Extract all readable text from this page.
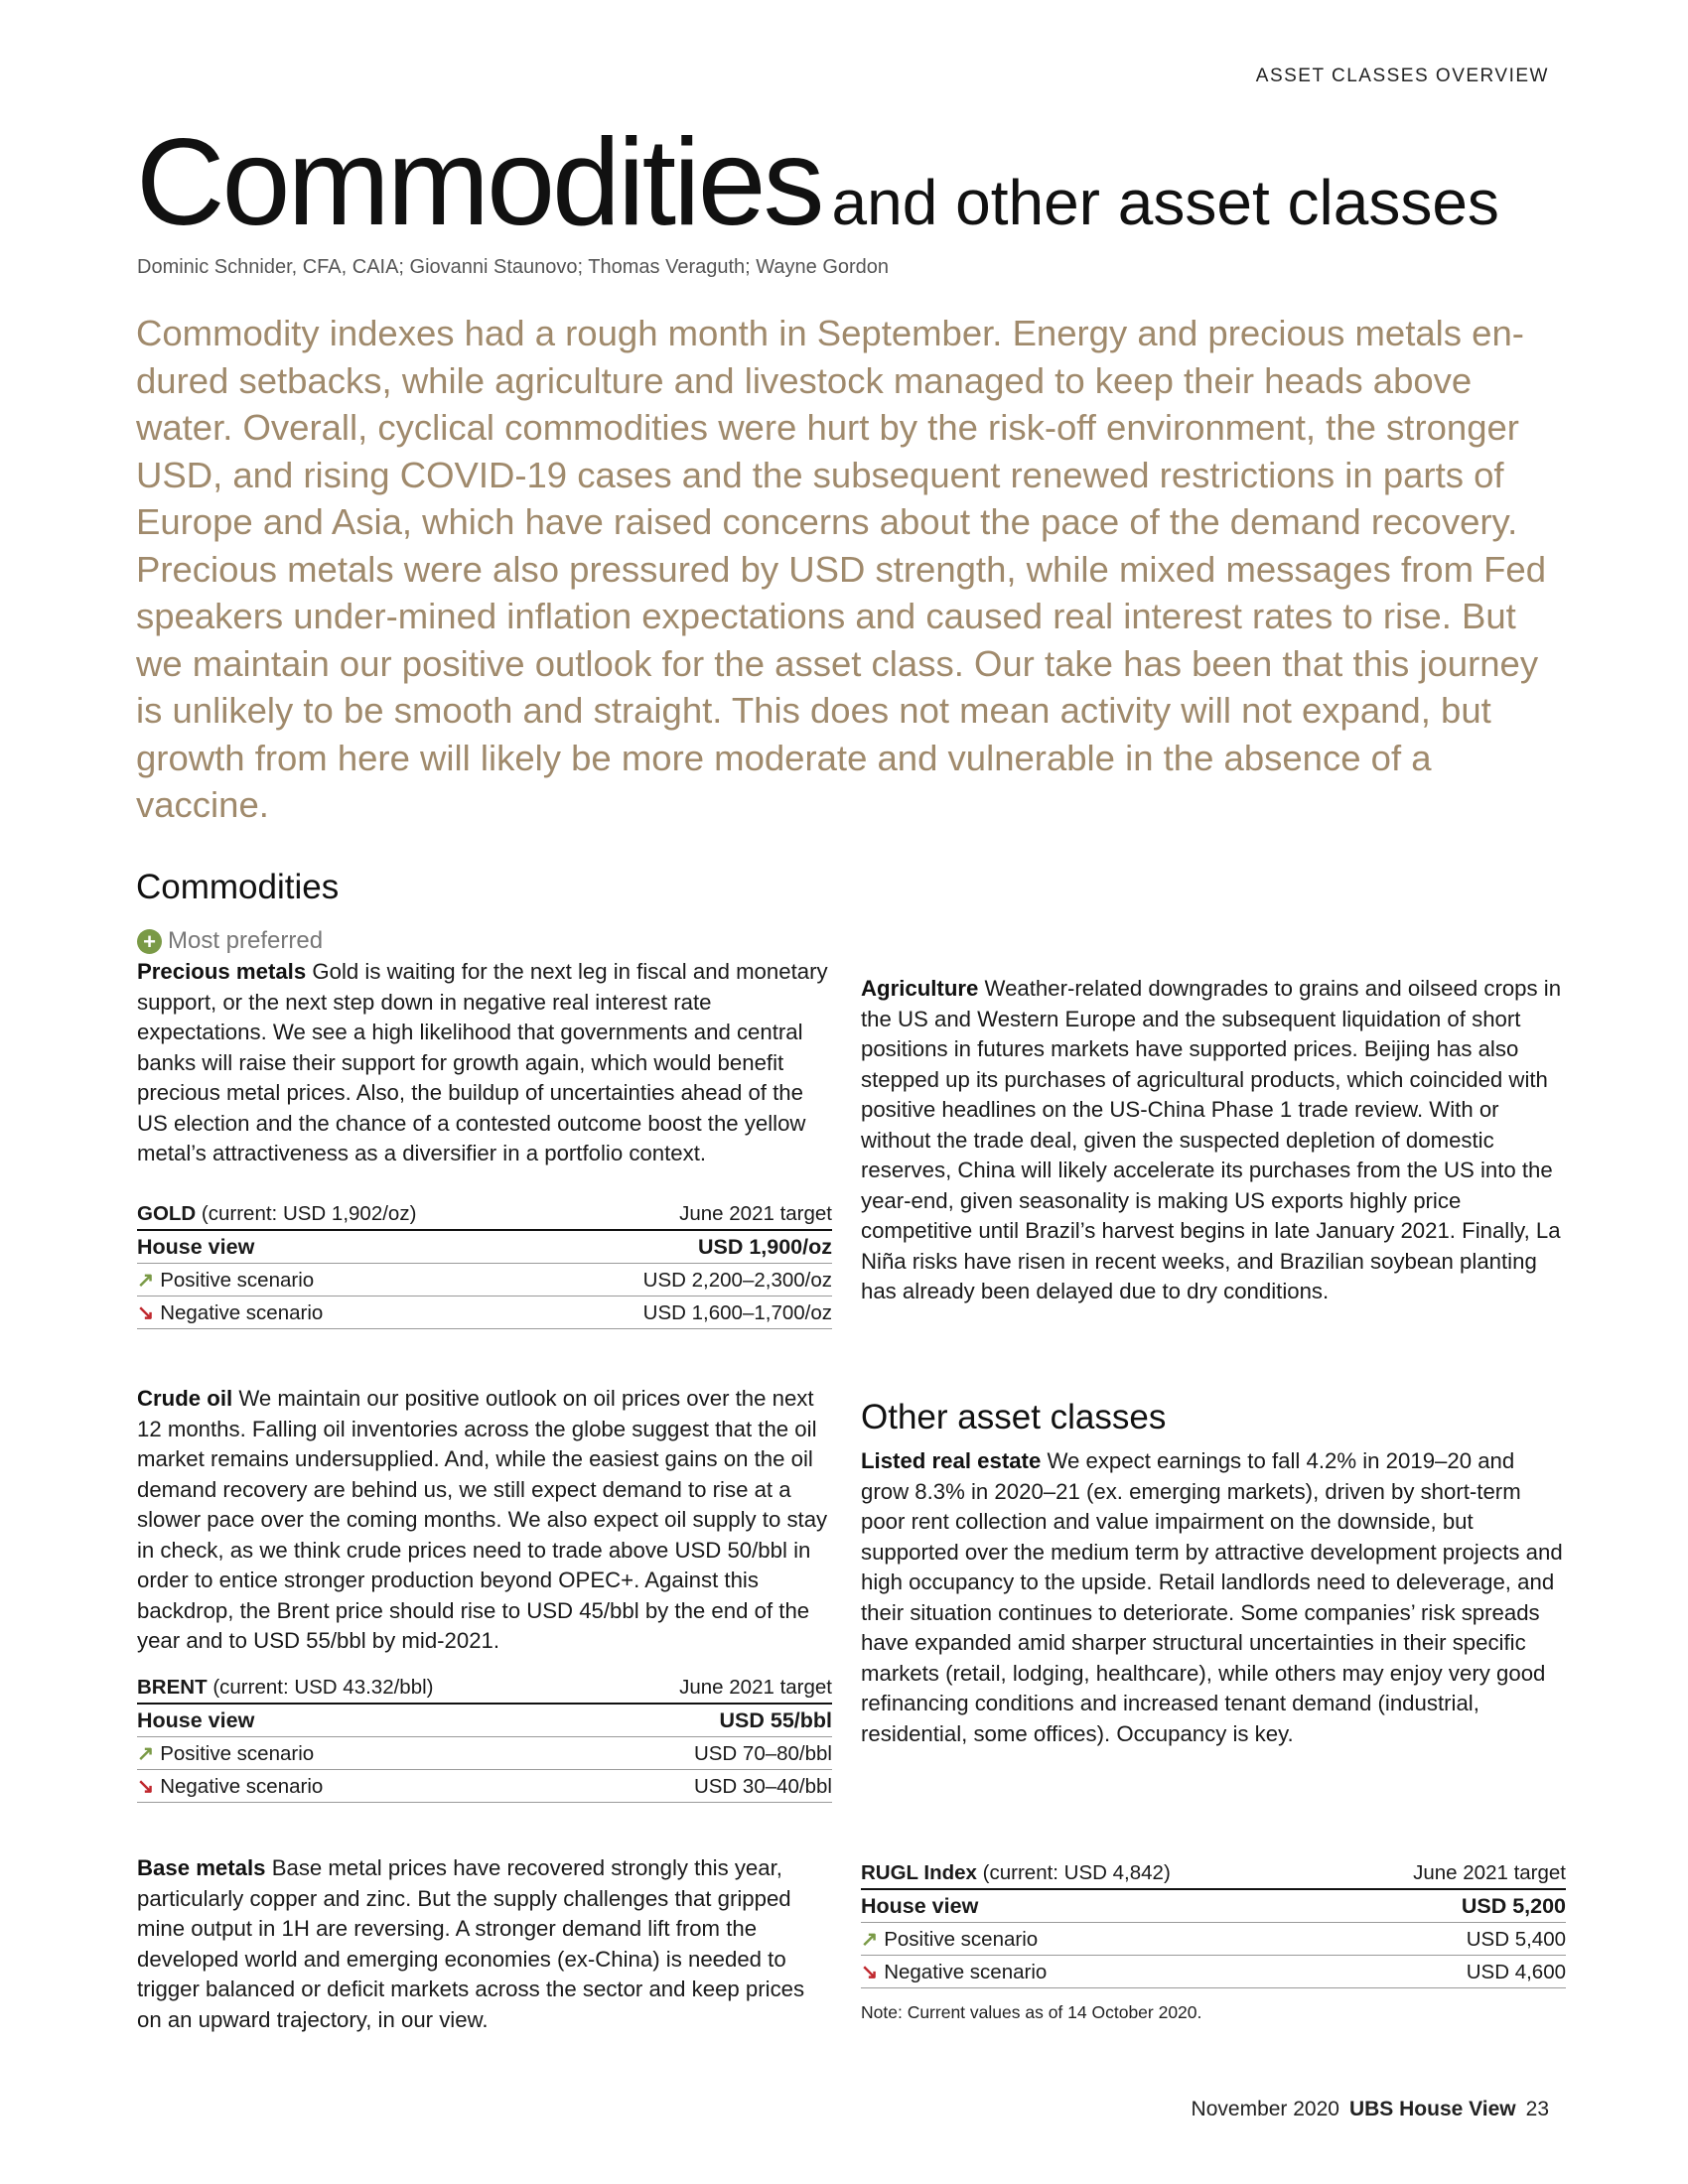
ASSET CLASSES OVERVIEW
Commodities and other asset classes
Dominic Schnider, CFA, CAIA; Giovanni Staunovo; Thomas Veraguth; Wayne Gordon
Commodity indexes had a rough month in September. Energy and precious metals en-dured setbacks, while agriculture and livestock managed to keep their heads above water. Overall, cyclical commodities were hurt by the risk-off environment, the stronger USD, and rising COVID-19 cases and the subsequent renewed restrictions in parts of Europe and Asia, which have raised concerns about the pace of the demand recovery. Precious metals were also pressured by USD strength, while mixed messages from Fed speakers under-mined inflation expectations and caused real interest rates to rise. But we maintain our positive outlook for the asset class. Our take has been that this journey is unlikely to be smooth and straight. This does not mean activity will not expand, but growth from here will likely be more moderate and vulnerable in the absence of a vaccine.
Commodities
+ Most preferred
Precious metals Gold is waiting for the next leg in fiscal and monetary support, or the next step down in negative real interest rate expectations. We see a high likelihood that governments and central banks will raise their support for growth again, which would benefit precious metal prices. Also, the buildup of uncertainties ahead of the US election and the chance of a contested outcome boost the yellow metal’s attractiveness as a diversifier in a portfolio context.
GOLD (current: USD 1,902/oz)	June 2021 target
House view	USD 1,900/oz
↗ Positive scenario	USD 2,200–2,300/oz
↘ Negative scenario	USD 1,600–1,700/oz
Crude oil We maintain our positive outlook on oil prices over the next 12 months. Falling oil inventories across the globe suggest that the oil market remains undersupplied. And, while the easiest gains on the oil demand recovery are behind us, we still expect demand to rise at a slower pace over the coming months. We also expect oil supply to stay in check, as we think crude prices need to trade above USD 50/bbl in order to entice stronger production beyond OPEC+. Against this backdrop, the Brent price should rise to USD 45/bbl by the end of the year and to USD 55/bbl by mid-2021.
BRENT (current: USD 43.32/bbl)	June 2021 target
House view	USD 55/bbl
↗ Positive scenario	USD 70–80/bbl
↘ Negative scenario	USD 30–40/bbl
Base metals Base metal prices have recovered strongly this year, particularly copper and zinc. But the supply challenges that gripped mine output in 1H are reversing. A stronger demand lift from the developed world and emerging economies (ex-China) is needed to trigger balanced or deficit markets across the sector and keep prices on an upward trajectory, in our view.
Agriculture Weather-related downgrades to grains and oilseed crops in the US and Western Europe and the subsequent liquidation of short positions in futures markets have supported prices. Beijing has also stepped up its purchases of agricultural products, which coincided with positive headlines on the US-China Phase 1 trade review. With or without the trade deal, given the suspected depletion of domestic reserves, China will likely accelerate its purchases from the US into the year-end, given seasonality is making US exports highly price competitive until Brazil’s harvest begins in late January 2021. Finally, La Niña risks have risen in recent weeks, and Brazilian soybean planting has already been delayed due to dry conditions.
Other asset classes
Listed real estate We expect earnings to fall 4.2% in 2019–20 and grow 8.3% in 2020–21 (ex. emerging markets), driven by short-term poor rent collection and value impairment on the downside, but supported over the medium term by attractive development projects and high occupancy to the upside. Retail landlords need to deleverage, and their situation continues to deteriorate. Some companies’ risk spreads have expanded amid sharper structural uncertainties in their specific markets (retail, lodging, healthcare), while others may enjoy very good refinancing conditions and increased tenant demand (industrial, residential, some offices). Occupancy is key.
RUGL Index (current: USD 4,842)	June 2021 target
House view	USD 5,200
↗ Positive scenario	USD 5,400
↘ Negative scenario	USD 4,600
Note: Current values as of 14 October 2020.
November 2020 UBS House View 23
